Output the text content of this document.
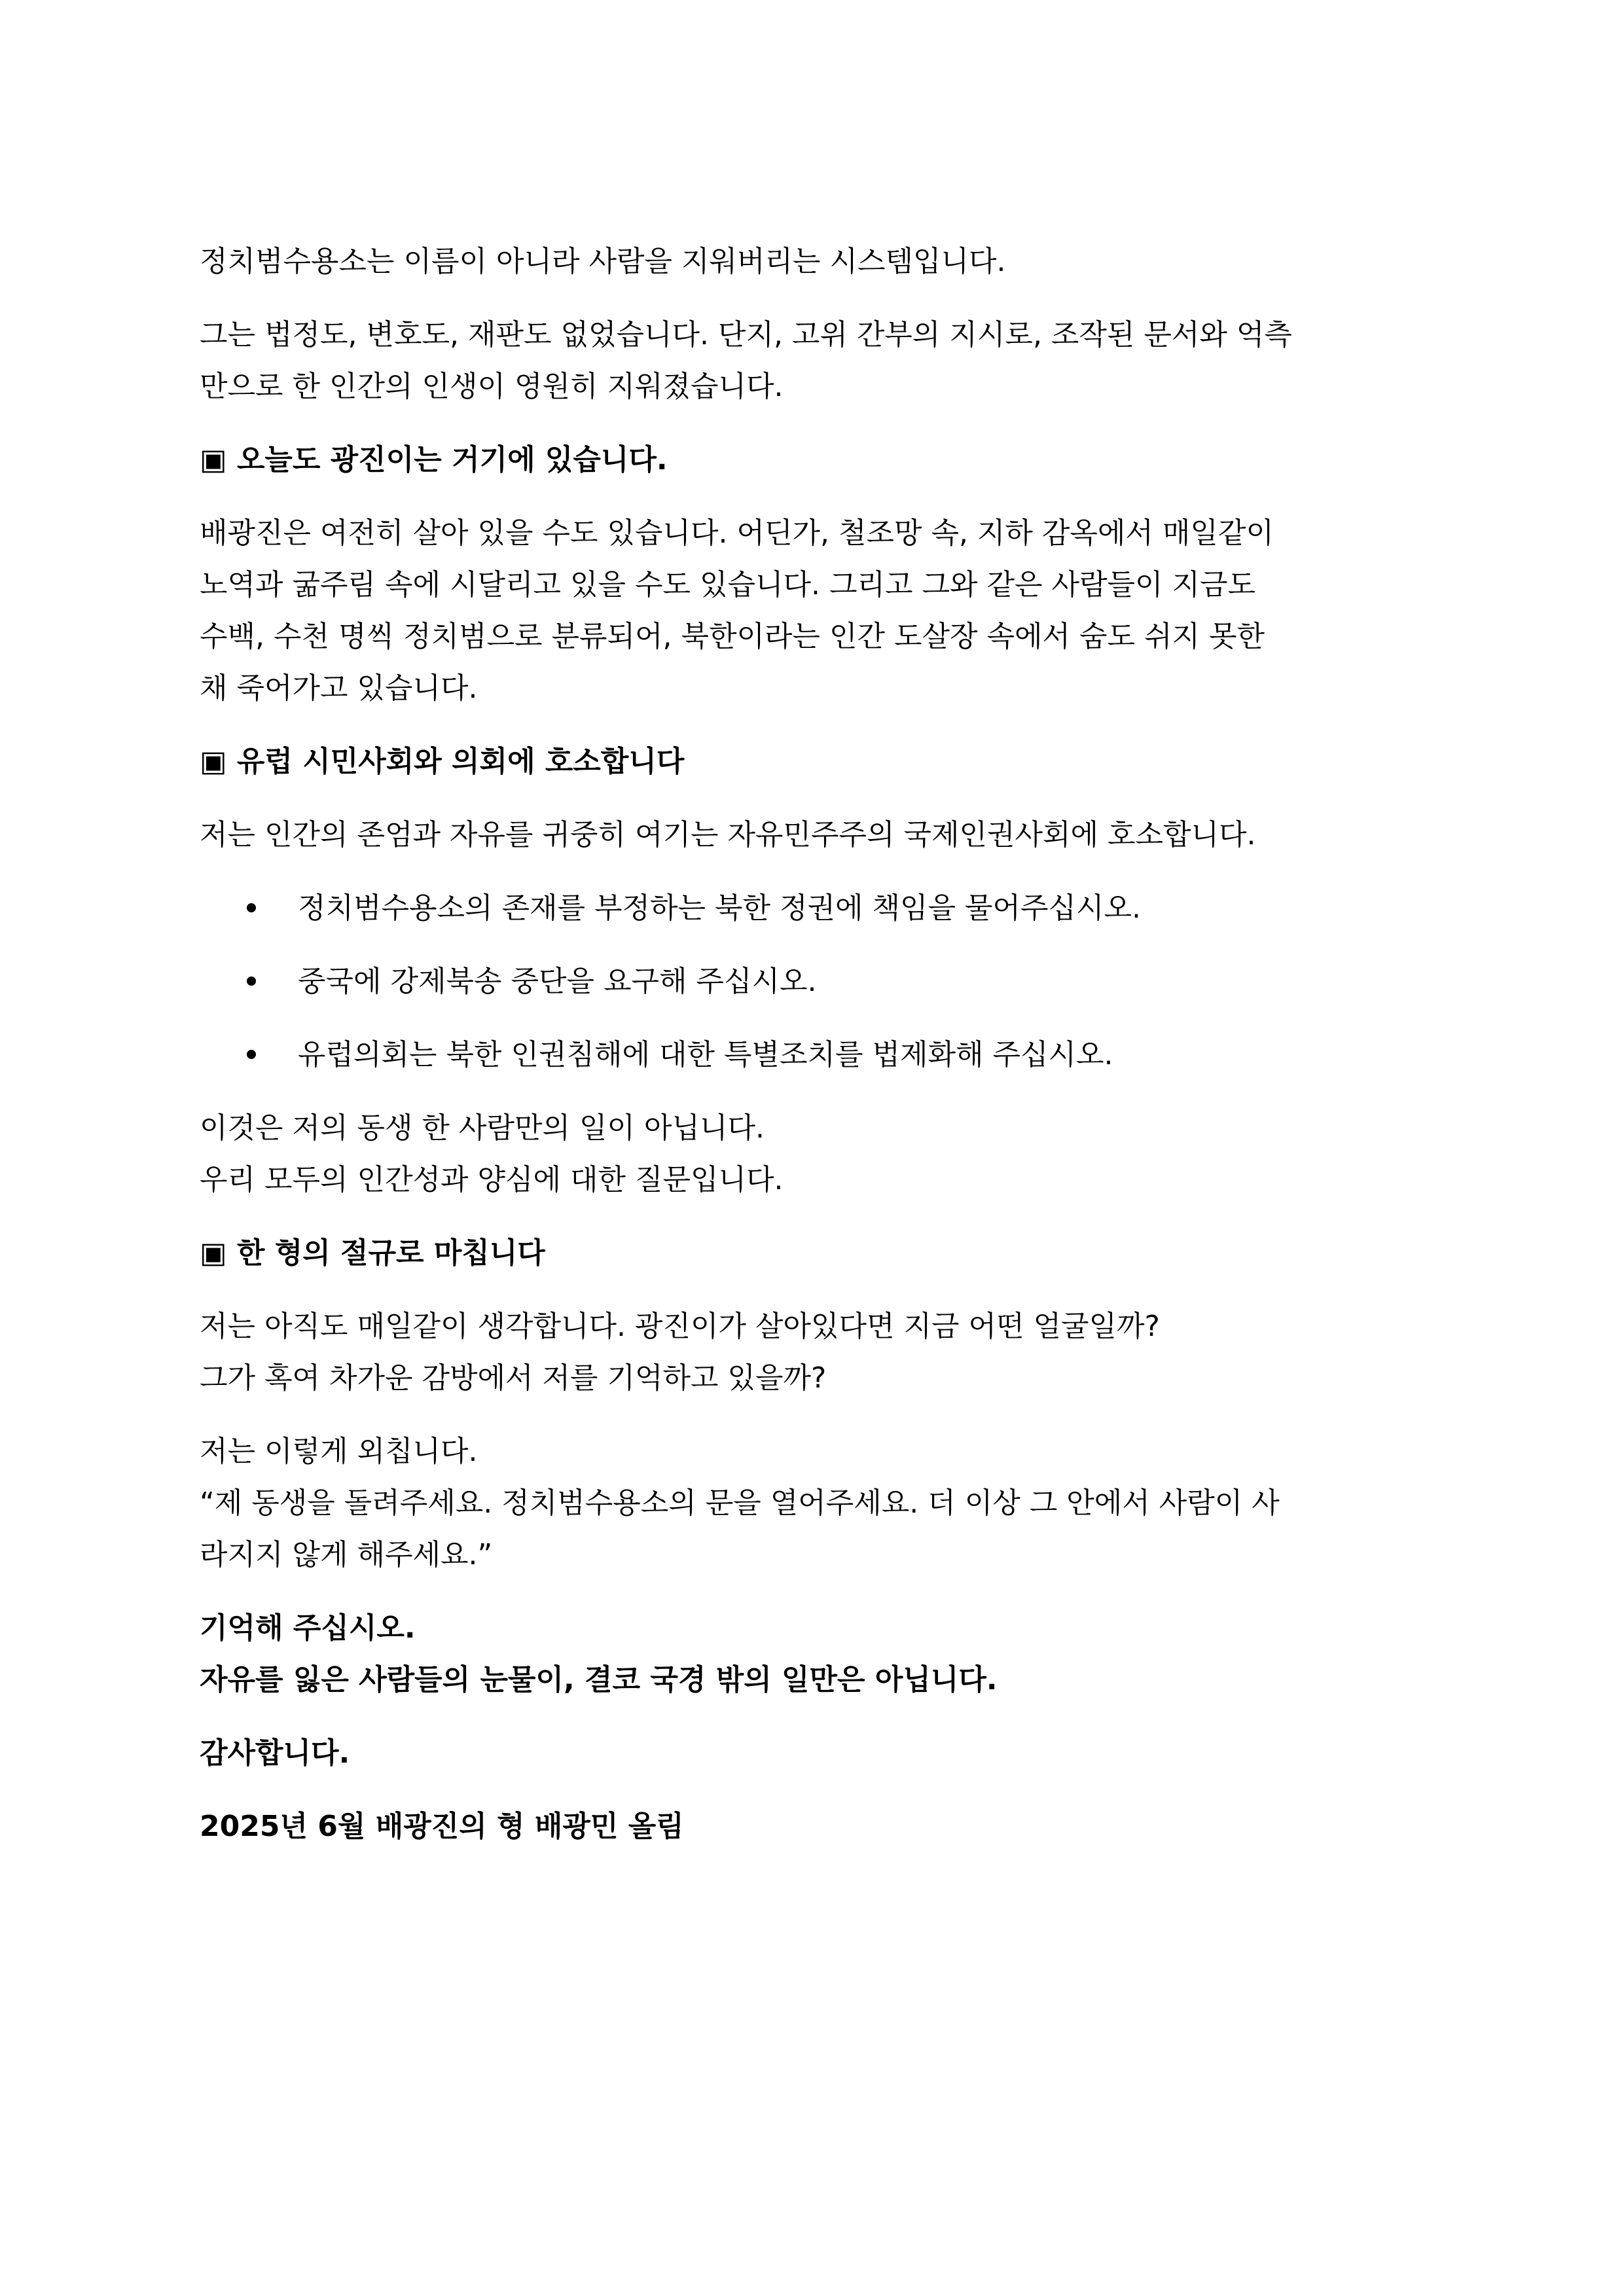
정치범수용소는 이름이 아니라 사람을 지워버리는 시스템입니다.

그는 법정도, 변호도, 재판도 없었습니다. 단지, 고위 간부의 지시로, 조작된 문서와 억측
만으로 한 인간의 인생이 영원히 지워졌습니다.

▣ 오늘도 광진이는 거기에 있습니다.

배광진은 여전히 살아 있을 수도 있습니다. 어딘가, 철조망 속, 지하 감옥에서 매일같이
노역과 굶주림 속에 시달리고 있을 수도 있습니다. 그리고 그와 같은 사람들이 지금도
수백, 수천 명씩 정치범으로 분류되어, 북한이라는 인간 도살장 속에서 숨도 쉬지 못한
채 죽어가고 있습니다.

▣ 유럽 시민사회와 의회에 호소합니다

저는 인간의 존엄과 자유를 귀중히 여기는 자유민주주의 국제인권사회에 호소합니다.

정치범수용소의 존재를 부정하는 북한 정권에 책임을 물어주십시오.
중국에 강제북송 중단을 요구해 주십시오.
유럽의회는 북한 인권침해에 대한 특별조치를 법제화해 주십시오.

이것은 저의 동생 한 사람만의 일이 아닙니다.
우리 모두의 인간성과 양심에 대한 질문입니다.

▣ 한 형의 절규로 마칩니다

저는 아직도 매일같이 생각합니다. 광진이가 살아있다면 지금 어떤 얼굴일까?
그가 혹여 차가운 감방에서 저를 기억하고 있을까?

저는 이렇게 외칩니다.
“제 동생을 돌려주세요. 정치범수용소의 문을 열어주세요. 더 이상 그 안에서 사람이 사
라지지 않게 해주세요.”

기억해 주십시오.
자유를 잃은 사람들의 눈물이, 결코 국경 밖의 일만은 아닙니다.

감사합니다.

2025년 6월 배광진의 형 배광민 올림
